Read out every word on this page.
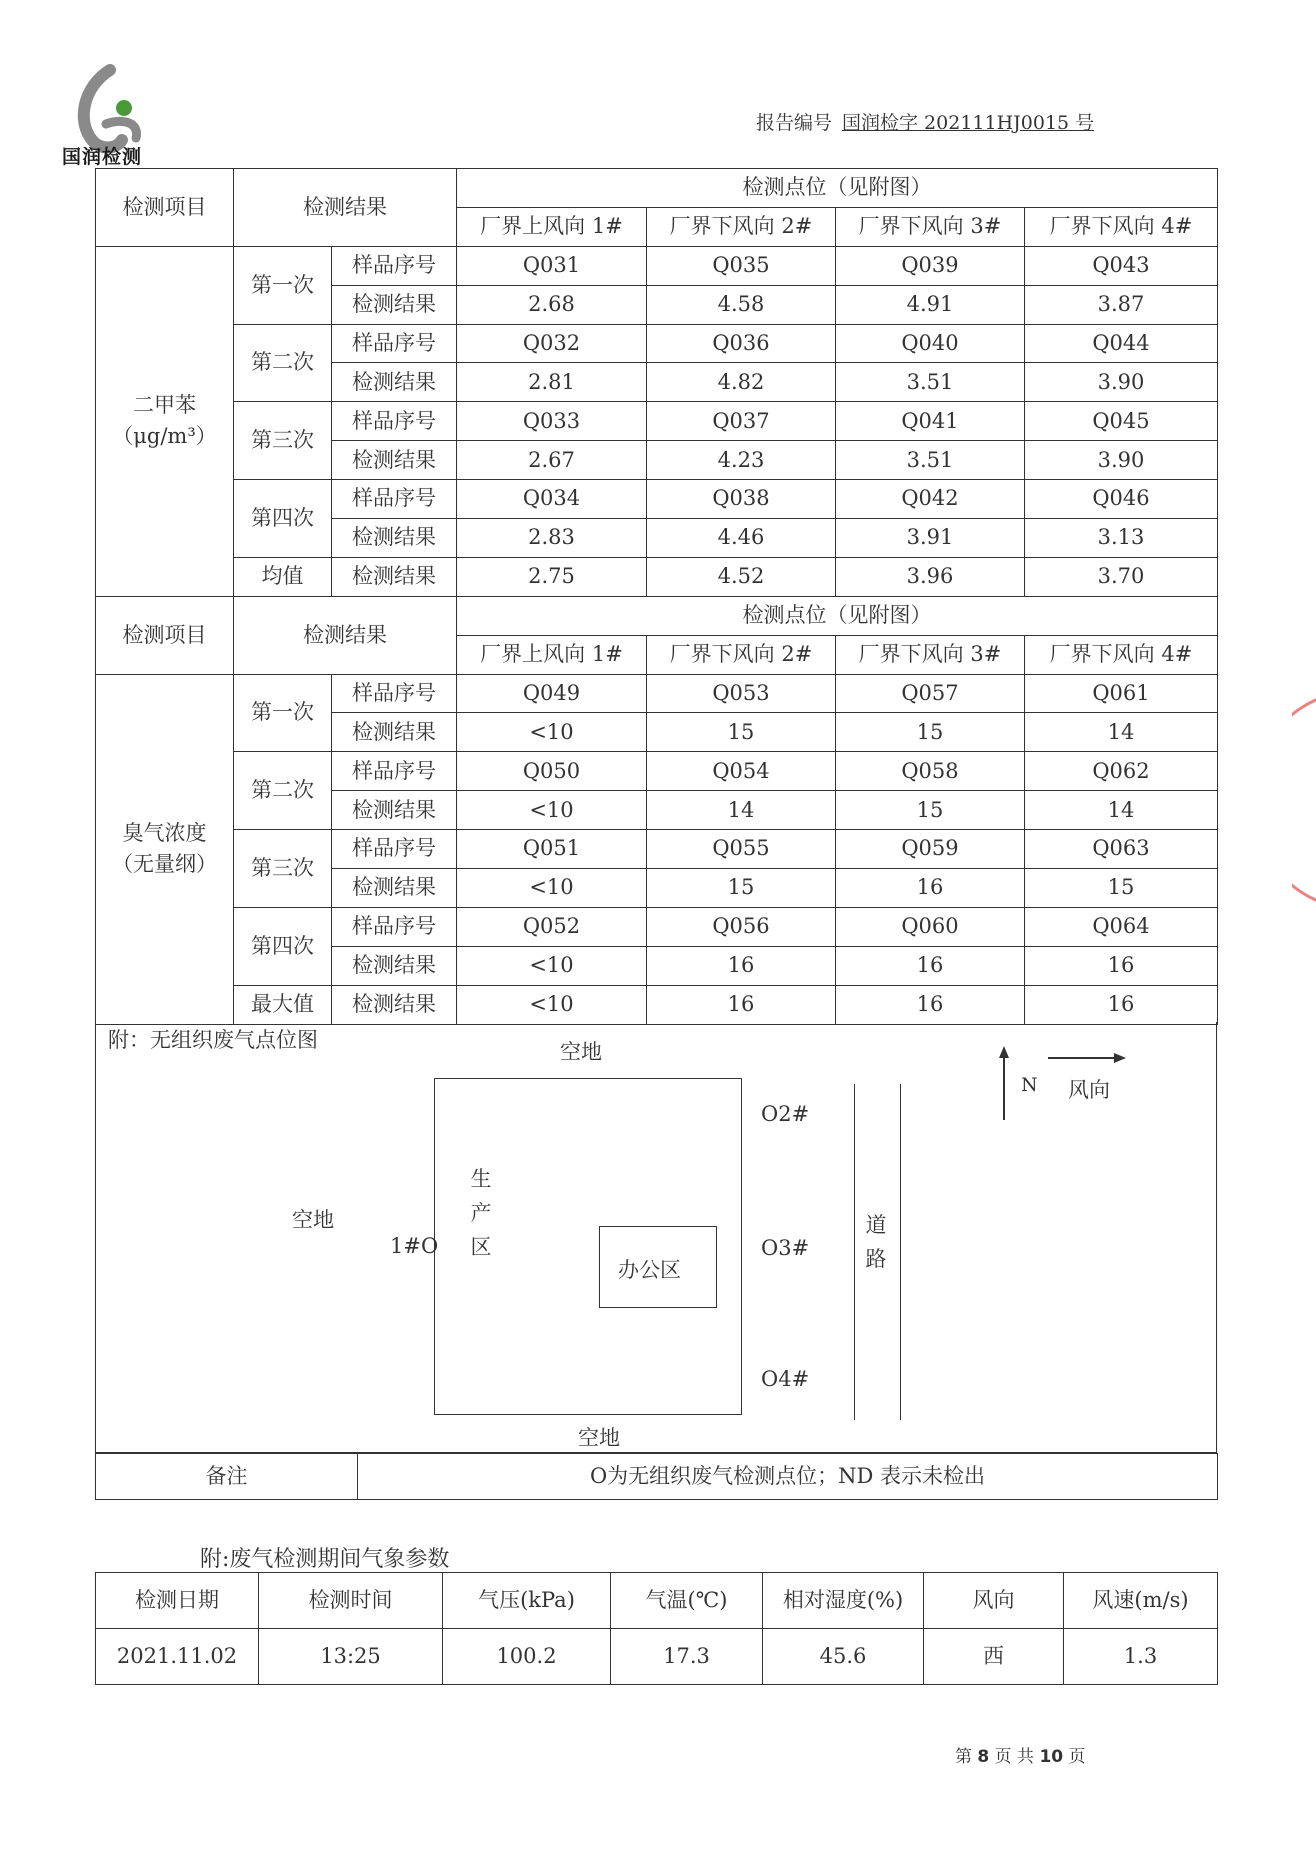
国润检测
报告编号 国润检字 202111HJ0015 号
检测项目	检测结果		检测点位（见附图）			
			厂界上风向 1#	厂界下风向 2#	厂界下风向 3#	厂界下风向 4#

二甲苯
（μg/m³）	第一次	样品序号	Q031	Q035	Q039	Q043
		检测结果	2.68	4.58	4.91	3.87
	第二次	样品序号	Q032	Q036	Q040	Q044
		检测结果	2.81	4.82	3.51	3.90
	第三次	样品序号	Q033	Q037	Q041	Q045
		检测结果	2.67	4.23	3.51	3.90
	第四次	样品序号	Q034	Q038	Q042	Q046
		检测结果	2.83	4.46	3.91	3.13
	均值	检测结果	2.75	4.52	3.96	3.70
检测项目	检测结果		检测点位（见附图）			
			厂界上风向 1#	厂界下风向 2#	厂界下风向 3#	厂界下风向 4#

臭气浓度
（无量纲）	第一次	样品序号	Q049	Q053	Q057	Q061
		检测结果	<10	15	15	14
	第二次	样品序号	Q050	Q054	Q058	Q062
		检测结果	<10	14	15	14
	第三次	样品序号	Q051	Q055	Q059	Q063
		检测结果	<10	15	16	15
	第四次	样品序号	Q052	Q056	Q060	Q064
		检测结果	<10	16	16	16
	最大值	检测结果	<10	16	16	16
附：无组织废气点位图	空地
空地
空地
生产区
办公区
1#O
O2#
O3#
O4#
道路
N 风向
备注	O为无组织废气检测点位；ND 表示未检出
附:废气检测期间气象参数
检测日期	检测时间	气压(kPa)	气温(℃)	相对湿度(%)	风向	风速(m/s)
2021.11.02	13:25	100.2	17.3	45.6	西	1.3
第 8 页 共 10 页
